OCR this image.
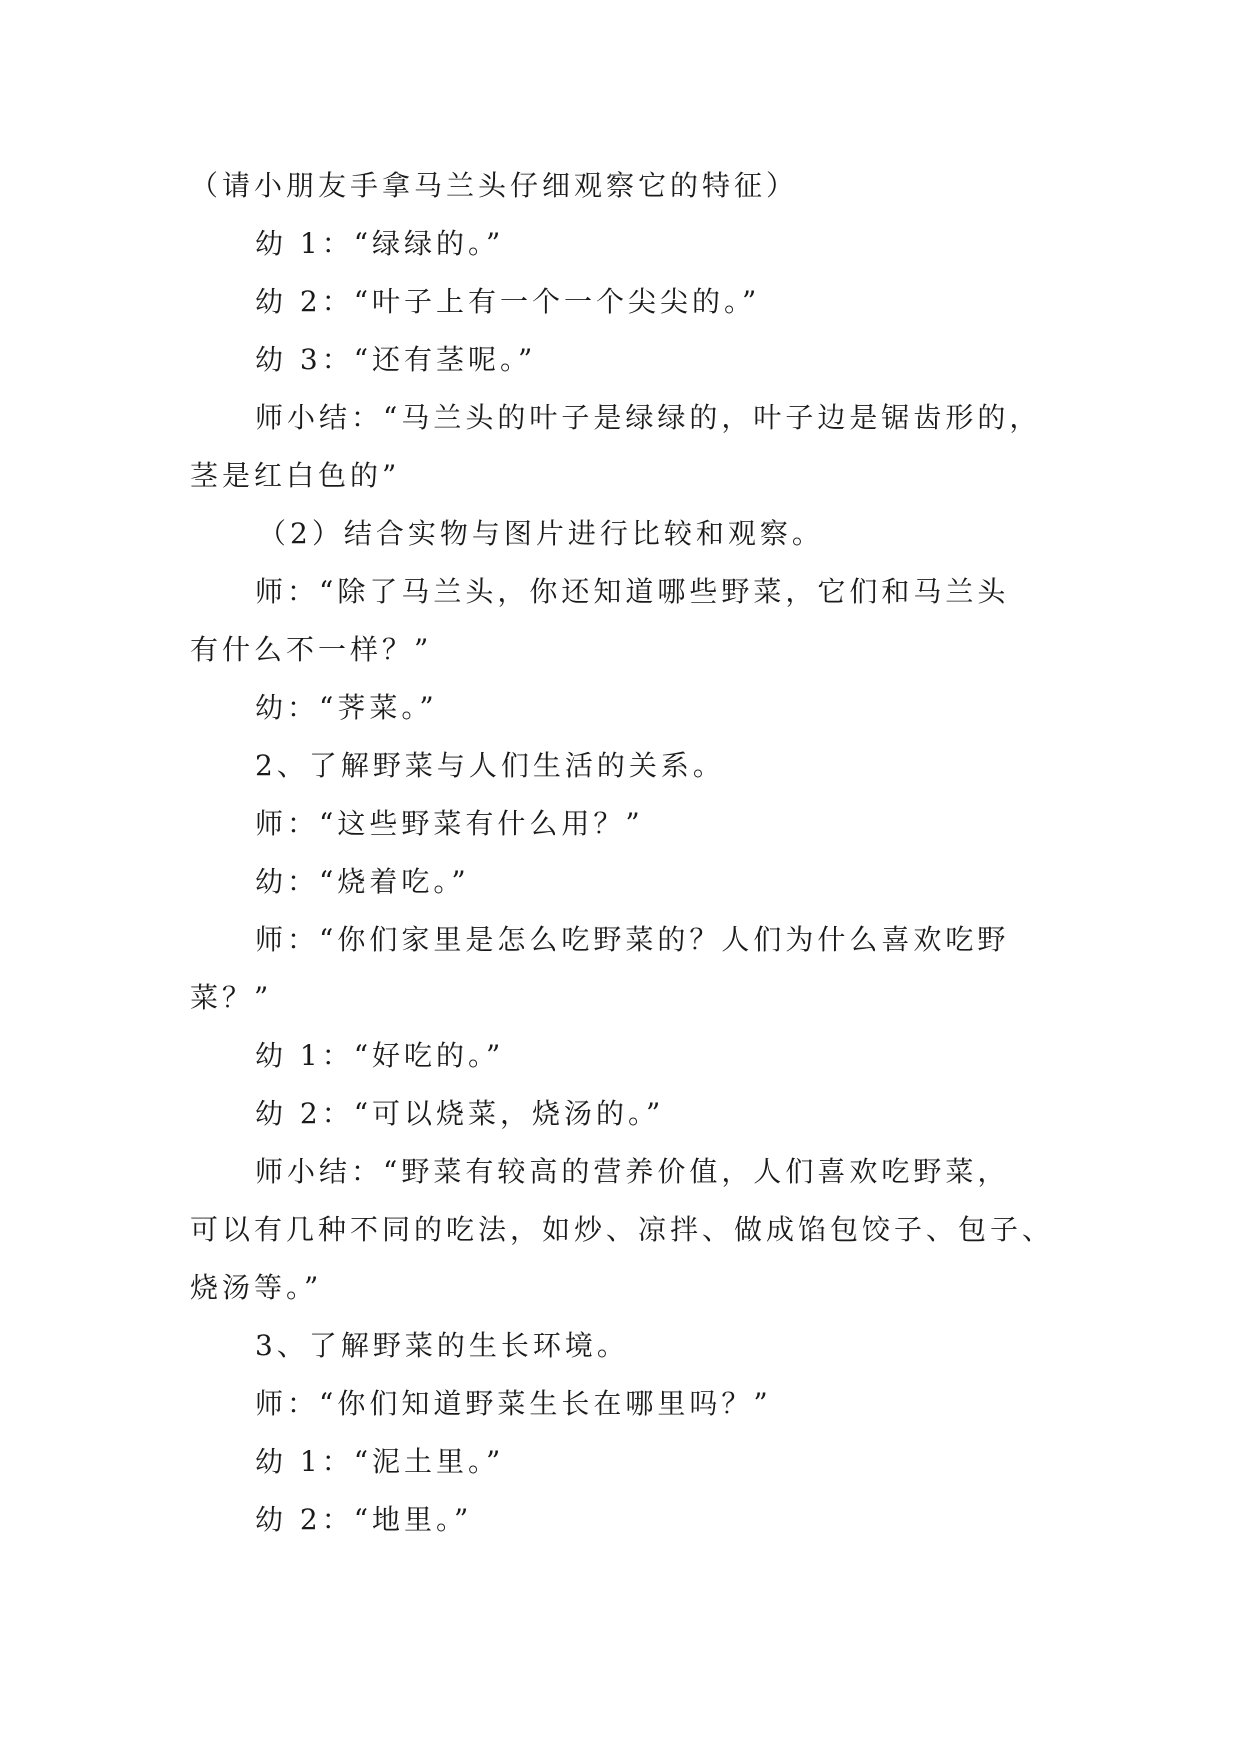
（请小朋友手拿马兰头仔细观察它的特征）

幼 1：“绿绿的。”

幼 2：“叶子上有一个一个尖尖的。”

幼 3：“还有茎呢。”

师小结：“马兰头的叶子是绿绿的，叶子边是锯齿形的，

茎是红白色的”

（2）结合实物与图片进行比较和观察。

师：“除了马兰头，你还知道哪些野菜，它们和马兰头

有什么不一样？”

幼：“荠菜。”

2、了解野菜与人们生活的关系。

师：“这些野菜有什么用？”

幼：“烧着吃。”

师：“你们家里是怎么吃野菜的？人们为什么喜欢吃野

菜？”

幼 1：“好吃的。”

幼 2：“可以烧菜，烧汤的。”

师小结：“野菜有较高的营养价值，人们喜欢吃野菜，

可以有几种不同的吃法，如炒、凉拌、做成馅包饺子、包子、

烧汤等。”

3、了解野菜的生长环境。

师：“你们知道野菜生长在哪里吗？”

幼 1：“泥土里。”

幼 2：“地里。”
